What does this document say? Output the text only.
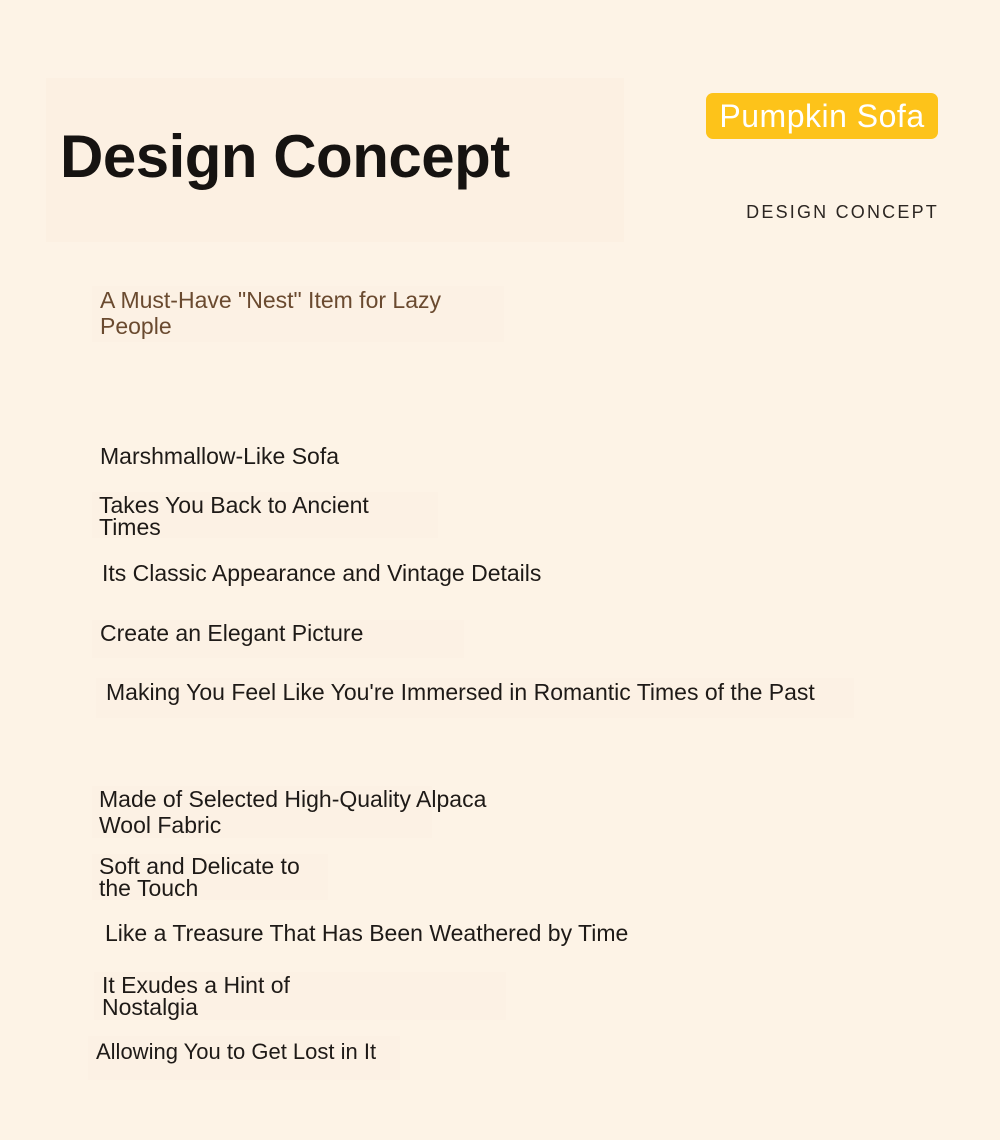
Design Concept
Pumpkin Sofa
DESIGN CONCEPT

A Must-Have "Nest" Item for Lazy People

Marshmallow-Like Sofa

Takes You Back to Ancient Times

Its Classic Appearance and Vintage Details

Create an Elegant Picture

Making You Feel Like You're Immersed in Romantic Times of the Past

Made of Selected High-Quality Alpaca Wool Fabric

Soft and Delicate to the Touch

Like a Treasure That Has Been Weathered by Time

It Exudes a Hint of Nostalgia

Allowing You to Get Lost in It
